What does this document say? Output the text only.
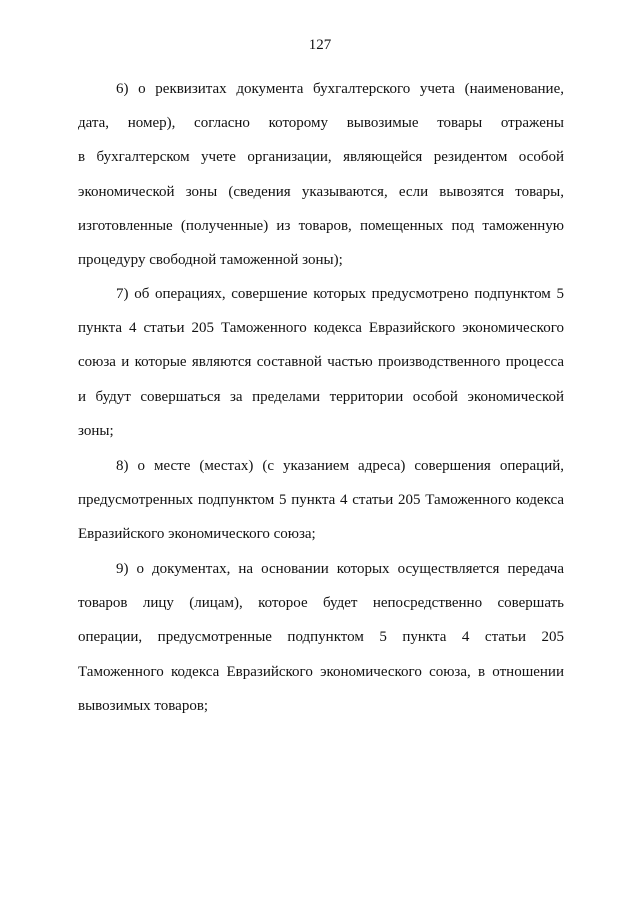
127
6) о реквизитах документа бухгалтерского учета (наименование,
дата, номер), согласно которому вывозимые товары отражены
в бухгалтерском учете организации, являющейся резидентом особой
экономической зоны (сведения указываются, если вывозятся товары,
изготовленные (полученные) из товаров, помещенных под таможенную
процедуру свободной таможенной зоны);
7) об операциях, совершение которых предусмотрено подпунктом 5
пункта 4 статьи 205 Таможенного кодекса Евразийского экономического
союза и которые являются составной частью производственного процесса
и будут совершаться за пределами территории особой экономической
зоны;
8) о месте (местах) (с указанием адреса) совершения операций,
предусмотренных подпунктом 5 пункта 4 статьи 205 Таможенного кодекса
Евразийского экономического союза;
9) о документах, на основании которых осуществляется передача
товаров лицу (лицам), которое будет непосредственно совершать
операции, предусмотренные подпунктом 5 пункта 4 статьи 205
Таможенного кодекса Евразийского экономического союза, в отношении
вывозимых товаров;
